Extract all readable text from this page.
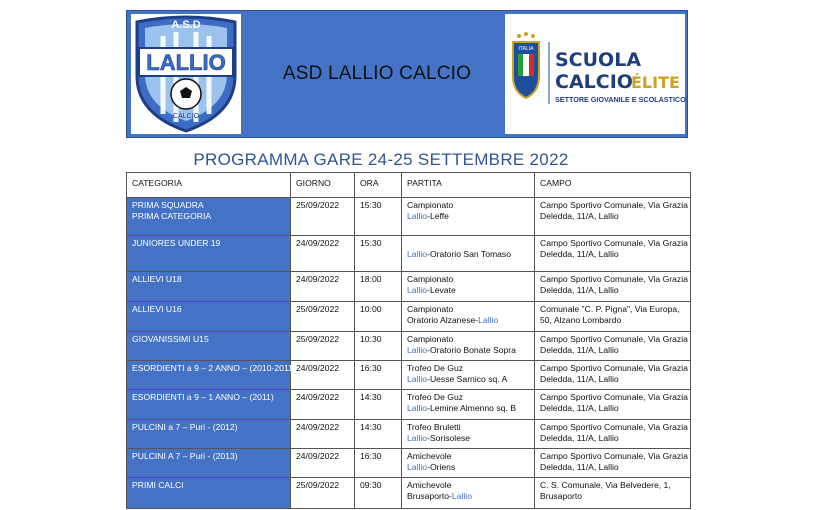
A.S.D
LALLIO
CALCIO
ASD LALLIO CALCIO
ITALIA SCUOLA
CALCIO
ÉLITE
SETTORE GIOVANILE E SCOLASTICO
PROGRAMMA GARE 24-25 SETTEMBRE 2022
CATEGORIA	GIORNO	ORA	PARTITA	CAMPO

PRIMA SQUADRA
PRIMA CATEGORIA	25/09/2022	15:30	Campionato
Lallio-Leffe	Campo Sportivo Comunale, Via Grazia
Deledda, 11/A, Lallio

JUNIORES UNDER 19	24/09/2022	15:30	Lallio-Oratorio San Tomaso	Campo Sportivo Comunale, Via Grazia
Deledda, 11/A, Lallio

ALLIEVI U18	24/09/2022	18:00	Campionato
Lallio-Levate	Campo Sportivo Comunale, Via Grazia
Deledda, 11/A, Lallio

ALLIEVI U16	25/09/2022	10:00	Campionato
Oratorio Alzanese-Lallio	Comunale "C. P. Pigna", Via Europa,
50, Alzano Lombardo

GIOVANISSIMI U15	25/09/2022	10:30	Campionato
Lallio-Oratorio Bonate Sopra	Campo Sportivo Comunale, Via Grazia
Deledda, 11/A, Lallio

ESORDIENTI a 9 – 2 ANNO – (2010-2011)	24/09/2022	16:30	Trofeo De Guz
Lallio-Uesse Sarnico sq. A	Campo Sportivo Comunale, Via Grazia
Deledda, 11/A, Lallio

ESORDIENTI a 9 – 1 ANNO – (2011)	24/09/2022	14:30	Trofeo De Guz
Lallio-Lemine Almenno sq. B	Campo Sportivo Comunale, Via Grazia
Deledda, 11/A, Lallio

PULCINI a 7 – Puri - (2012)	24/09/2022	14:30	Trofeo Bruletti
Lallio-Sorisolese	Campo Sportivo Comunale, Via Grazia
Deledda, 11/A, Lallio

PULCINI A 7 – Puri - (2013)	24/09/2022	16:30	Amichevole
Lallio-Oriens	Campo Sportivo Comunale, Via Grazia
Deledda, 11/A, Lallio

PRIMI CALCI	25/09/2022	09:30	Amichevole
Brusaporto-Lallio	C. S. Comunale, Via Belvedere, 1,
Brusaporto
